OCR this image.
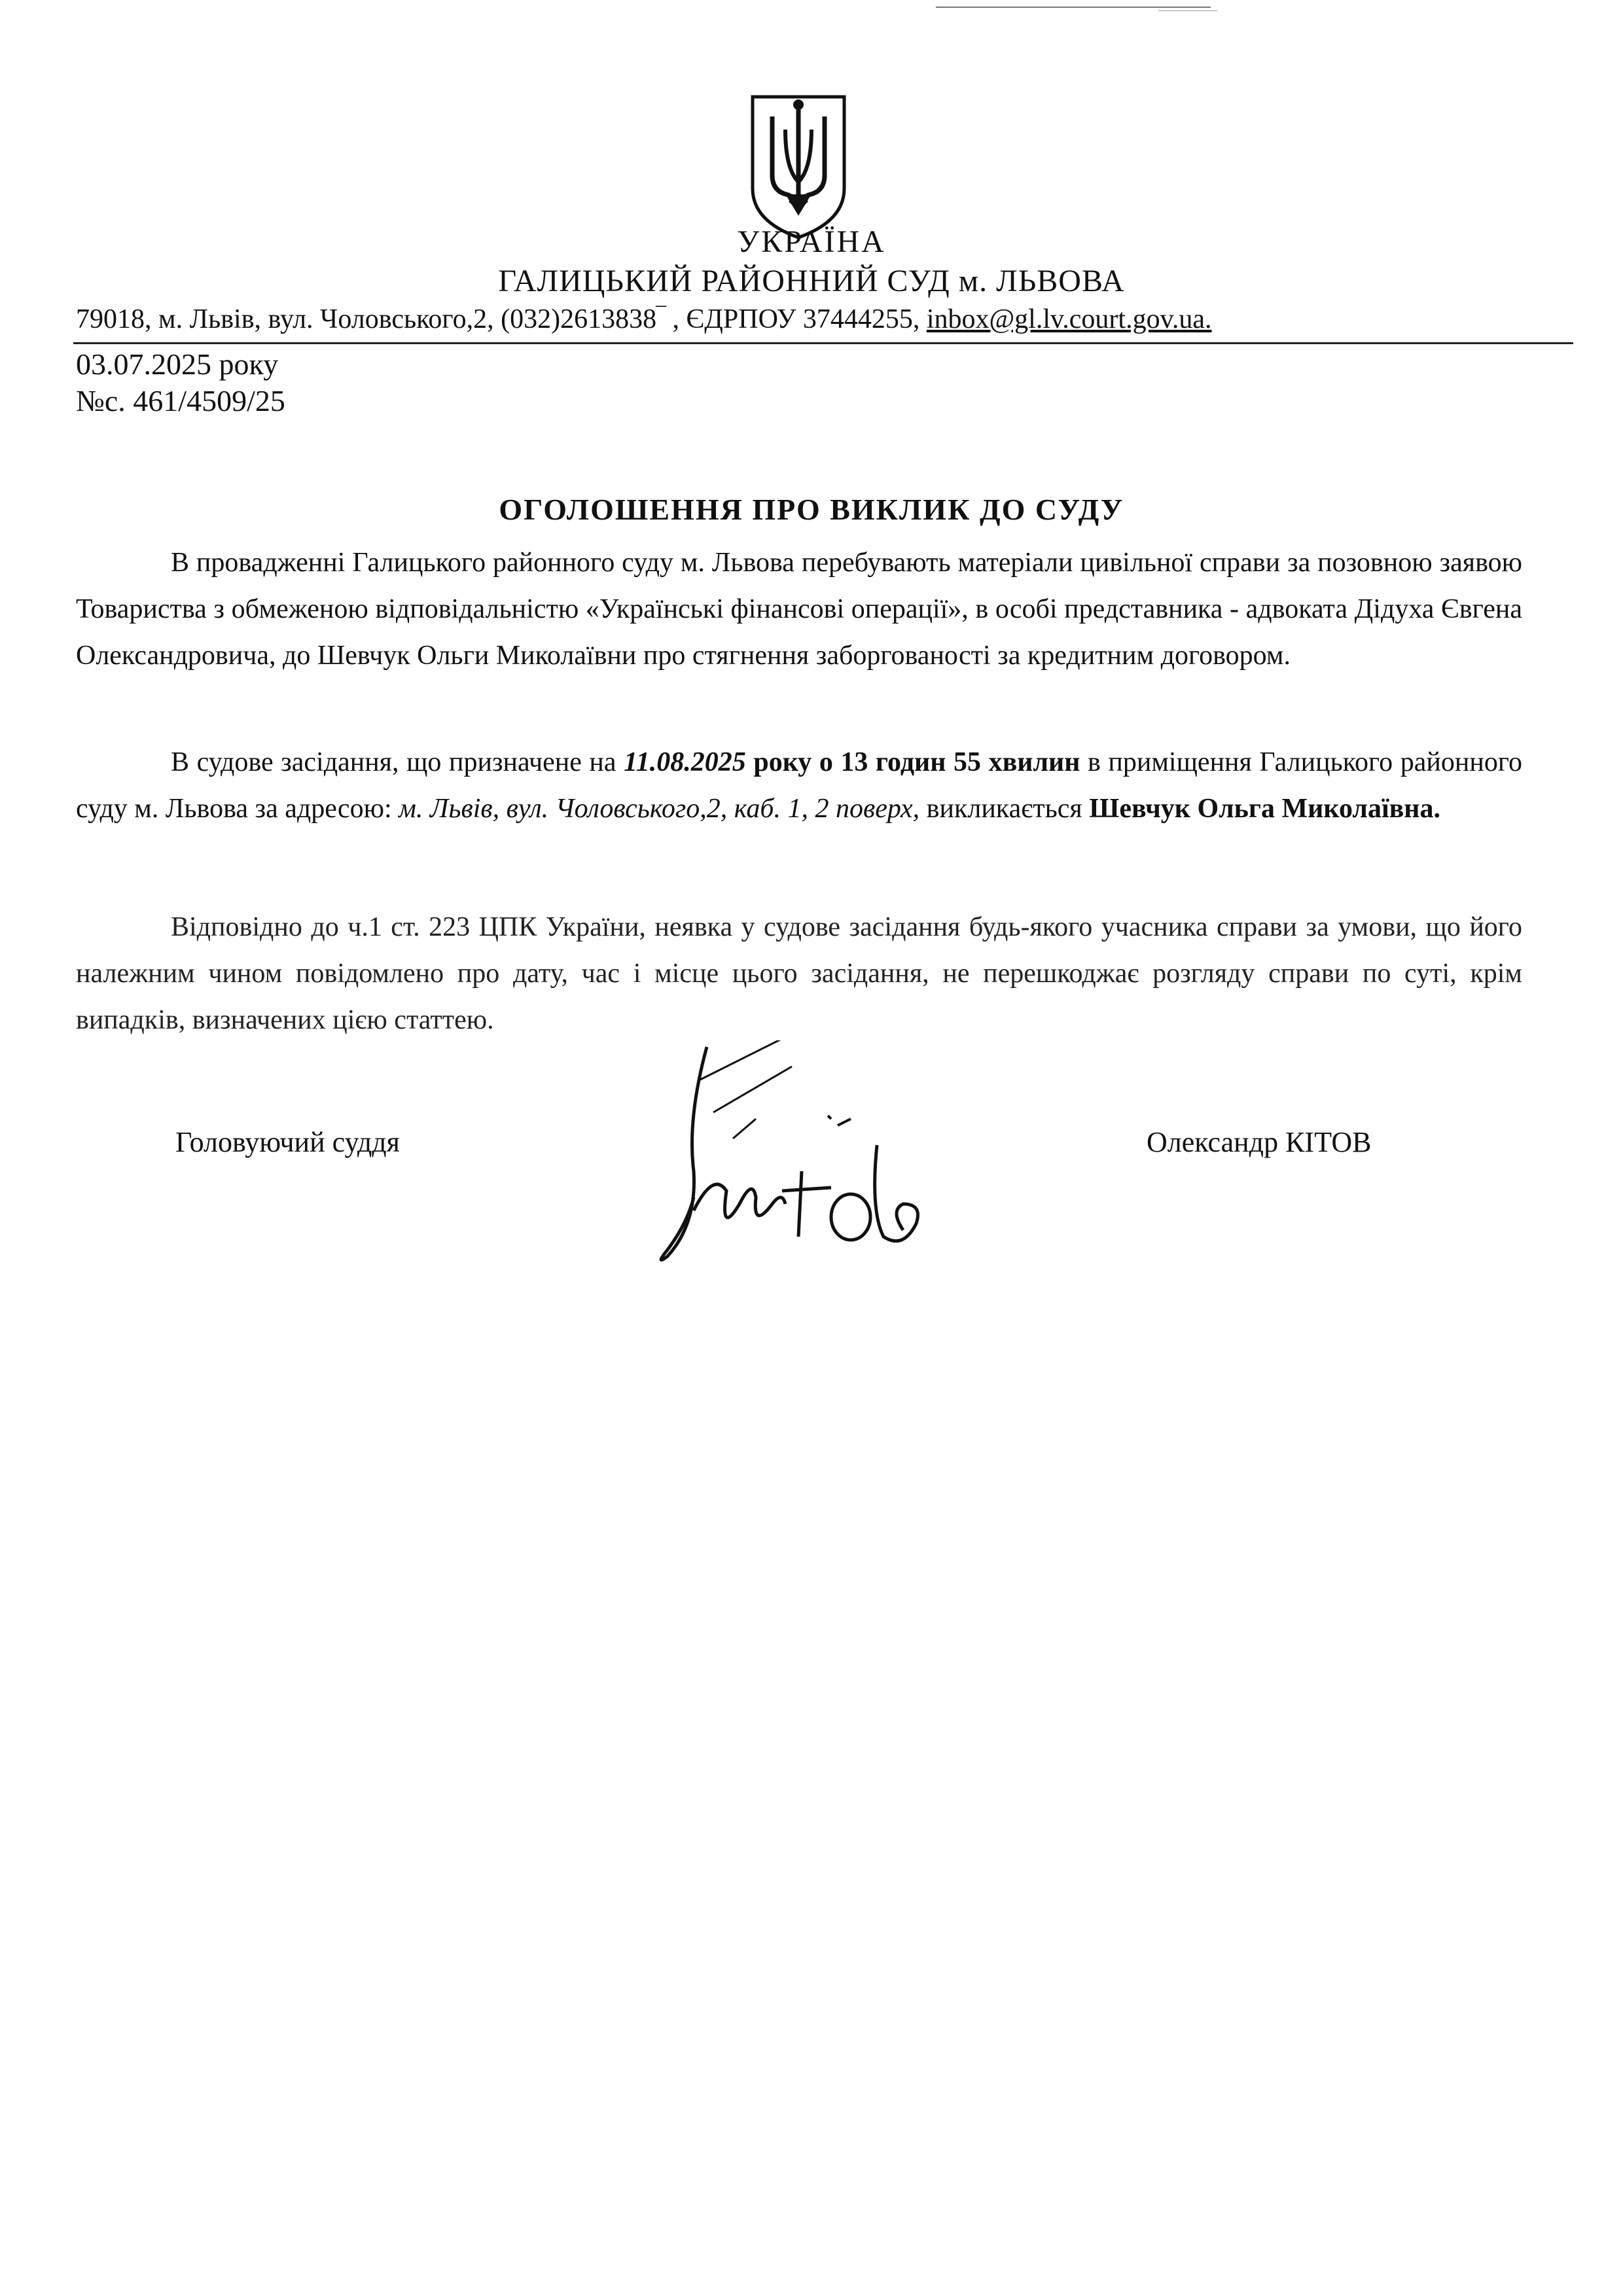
УКРАЇНА
ГАЛИЦЬКИЙ РАЙОННИЙ СУД м. ЛЬВОВА
79018, м. Львів, вул. Чоловського,2, (032)2613838‾ , ЄДРПОУ 37444255, inbox@gl.lv.court.gov.ua.
03.07.2025 року
№с. 461/4509/25
ОГОЛОШЕННЯ ПРО ВИКЛИК ДО СУДУ
В провадженні Галицького районного суду м. Львова перебувають матеріали цивільної справи за позовною заявою Товариства з обмеженою відповідальністю «Українські фінансові операції», в особі представника - адвоката Дідуха Євгена Олександровича, до Шевчук Ольги Миколаївни про стягнення заборгованості за кредитним договором.
В судове засідання, що призначене на 11.08.2025 року о 13 годин 55 хвилин в приміщення Галицького районного суду м. Львова за адресою: м. Львів, вул. Чоловського,2, каб. 1, 2 поверх, викликається Шевчук Ольга Миколаївна.
Відповідно до ч.1 ст. 223 ЦПК України, неявка у судове засідання будь-якого учасника справи за умови, що його належним чином повідомлено про дату, час і місце цього засідання, не перешкоджає розгляду справи по суті, крім випадків, визначених цією статтею.
Головуючий суддя	Олександр КІТОВ
